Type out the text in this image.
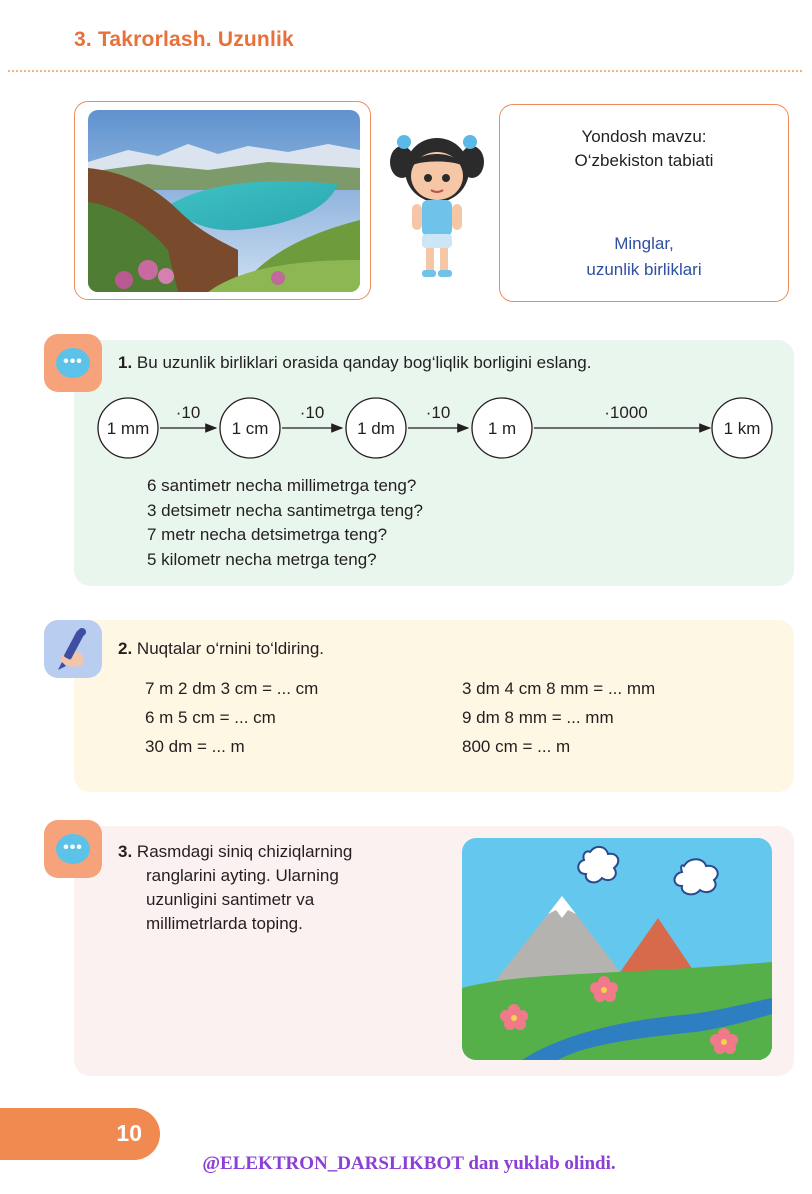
3. Takrorlash. Uzunlik
Yondosh mavzu:
O‘zbekiston tabiati
Minglar,
uzunlik birliklari
•••	1. Bu uzunlik birliklari orasida qanday bog‘liqlik borligini eslang.
1 mm	1 cm	1 dm	1 m	1 km
·10	·10	·10	·1000
6 santimetr necha millimetrga teng?
3 detsimetr necha santimetrga teng?
7 metr necha detsimetrga teng?
5 kilometr necha metrga teng?
2. Nuqtalar o‘rnini to‘ldiring.
7 m 2 dm 3 cm = ... cm
6 m 5 cm = ... cm
30 dm = ... m
3 dm 4 cm 8 mm = ... mm
9 dm 8 mm = ... mm
800 cm = ... m
•••	3. Rasmdagi siniq chiziqlarning
ranglarini ayting. Ularning
uzunligini santimetr va
millimetrlarda toping.
10
@ELEKTRON_DARSLIKBOT dan yuklab olindi.
